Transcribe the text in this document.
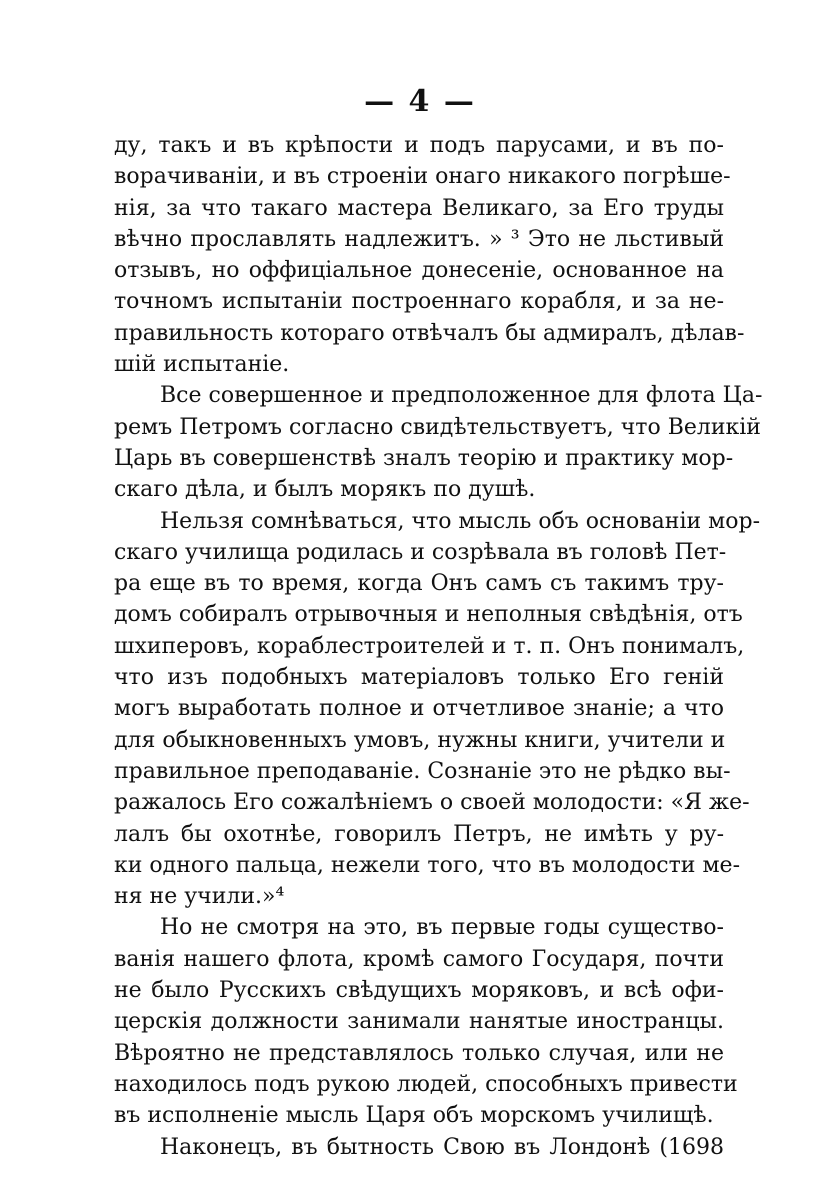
— 4 —
ду, такъ и въ крѣпости и подъ парусами, и въ по-
ворачиваніи, и въ строеніи онаго никакого погрѣше-
нія, за что такаго мастера Великаго, за Его труды
вѣчно прославлять надлежитъ. » ³ Это не льстивый
отзывъ, но оффиціальное донесеніе, основанное на
точномъ испытаніи построеннаго корабля, и за не-
правильность котораго отвѣчалъ бы адмиралъ, дѣлав-
шій испытаніе.
Все совершенное и предположенное для флота Ца-
ремъ Петромъ согласно свидѣтельствуетъ, что Великій
Царь въ совершенствѣ зналъ теорію и практику мор-
скаго дѣла, и былъ морякъ по душѣ.
Нельзя сомнѣваться, что мысль объ основаніи мор-
скаго училища родилась и созрѣвала въ головѣ Пет-
ра еще въ то время, когда Онъ самъ съ такимъ тру-
домъ собиралъ отрывочныя и неполныя свѣдѣнія, отъ
шхиперовъ, кораблестроителей и т. п. Онъ понималъ,
что изъ подобныхъ матеріаловъ только Его геній
могъ выработать полное и отчетливое знаніе; а что
для обыкновенныхъ умовъ, нужны книги, учители и
правильное преподаваніе. Сознаніе это не рѣдко вы-
ражалось Его сожалѣніемъ о своей молодости: «Я же-
лалъ бы охотнѣе, говорилъ Петръ, не имѣть у ру-
ки одного пальца, нежели того, что въ молодости ме-
ня не учили.»⁴
Но не смотря на это, въ первые годы существо-
ванія нашего флота, кромѣ самого Государя, почти
не было Русскихъ свѣдущихъ моряковъ, и всѣ офи-
церскія должности занимали нанятые иностранцы.
Вѣроятно не представлялось только случая, или не
находилось подъ рукою людей, способныхъ привести
въ исполненіе мысль Царя объ морскомъ училищѣ.
Наконецъ, въ бытность Свою въ Лондонѣ (1698
